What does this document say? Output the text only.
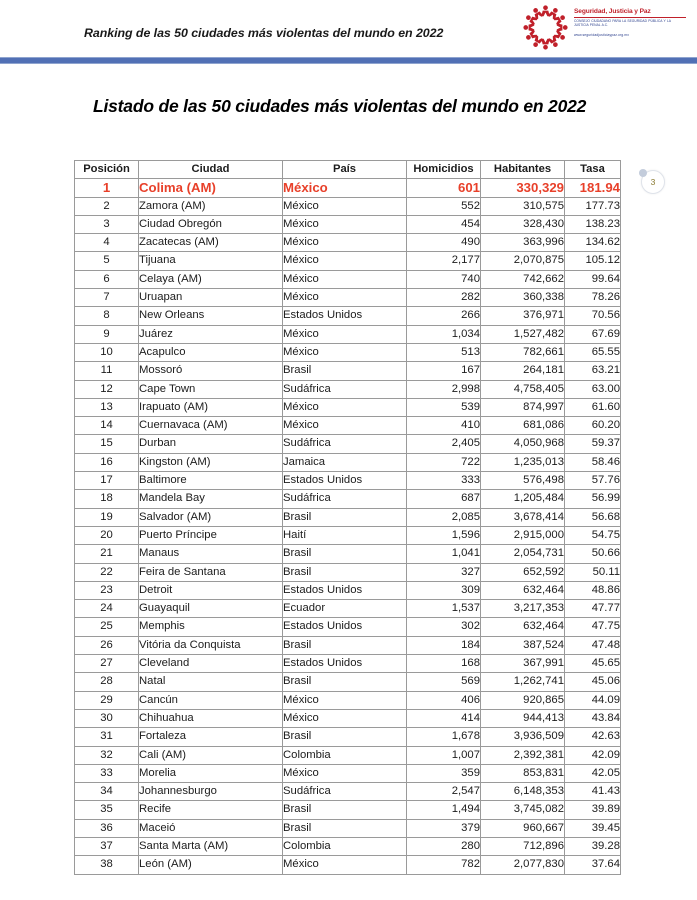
Ranking de las 50 ciudades más violentas del mundo en 2022
Seguridad, Justicia y Paz
CONSEJO CIUDADANO PARA LA SEGURIDAD PÚBLICA Y LA JUSTICIA PENAL A.C.
www.seguridadjusticiaypaz.org.mx
Listado de las 50 ciudades más violentas del mundo en 2022
Posición	Ciudad	País	Homicidios	Habitantes	Tasa
1	Colima (AM)	México	601	330,329	181.94
2	Zamora (AM)	México	552	310,575	177.73
3	Ciudad Obregón	México	454	328,430	138.23
4	Zacatecas (AM)	México	490	363,996	134.62
5	Tijuana	México	2,177	2,070,875	105.12
6	Celaya (AM)	México	740	742,662	99.64
7	Uruapan	México	282	360,338	78.26
8	New Orleans	Estados Unidos	266	376,971	70.56
9	Juárez	México	1,034	1,527,482	67.69
10	Acapulco	México	513	782,661	65.55
11	Mossoró	Brasil	167	264,181	63.21
12	Cape Town	Sudáfrica	2,998	4,758,405	63.00
13	Irapuato (AM)	México	539	874,997	61.60
14	Cuernavaca (AM)	México	410	681,086	60.20
15	Durban	Sudáfrica	2,405	4,050,968	59.37
16	Kingston (AM)	Jamaica	722	1,235,013	58.46
17	Baltimore	Estados Unidos	333	576,498	57.76
18	Mandela Bay	Sudáfrica	687	1,205,484	56.99
19	Salvador (AM)	Brasil	2,085	3,678,414	56.68
20	Puerto Príncipe	Haití	1,596	2,915,000	54.75
21	Manaus	Brasil	1,041	2,054,731	50.66
22	Feira de Santana	Brasil	327	652,592	50.11
23	Detroit	Estados Unidos	309	632,464	48.86
24	Guayaquil	Ecuador	1,537	3,217,353	47.77
25	Memphis	Estados Unidos	302	632,464	47.75
26	Vitória da Conquista	Brasil	184	387,524	47.48
27	Cleveland	Estados Unidos	168	367,991	45.65
28	Natal	Brasil	569	1,262,741	45.06
29	Cancún	México	406	920,865	44.09
30	Chihuahua	México	414	944,413	43.84
31	Fortaleza	Brasil	1,678	3,936,509	42.63
32	Cali (AM)	Colombia	1,007	2,392,381	42.09
33	Morelia	México	359	853,831	42.05
34	Johannesburgo	Sudáfrica	2,547	6,148,353	41.43
35	Recife	Brasil	1,494	3,745,082	39.89
36	Maceió	Brasil	379	960,667	39.45
37	Santa Marta (AM)	Colombia	280	712,896	39.28
38	León (AM)	México	782	2,077,830	37.64
3
